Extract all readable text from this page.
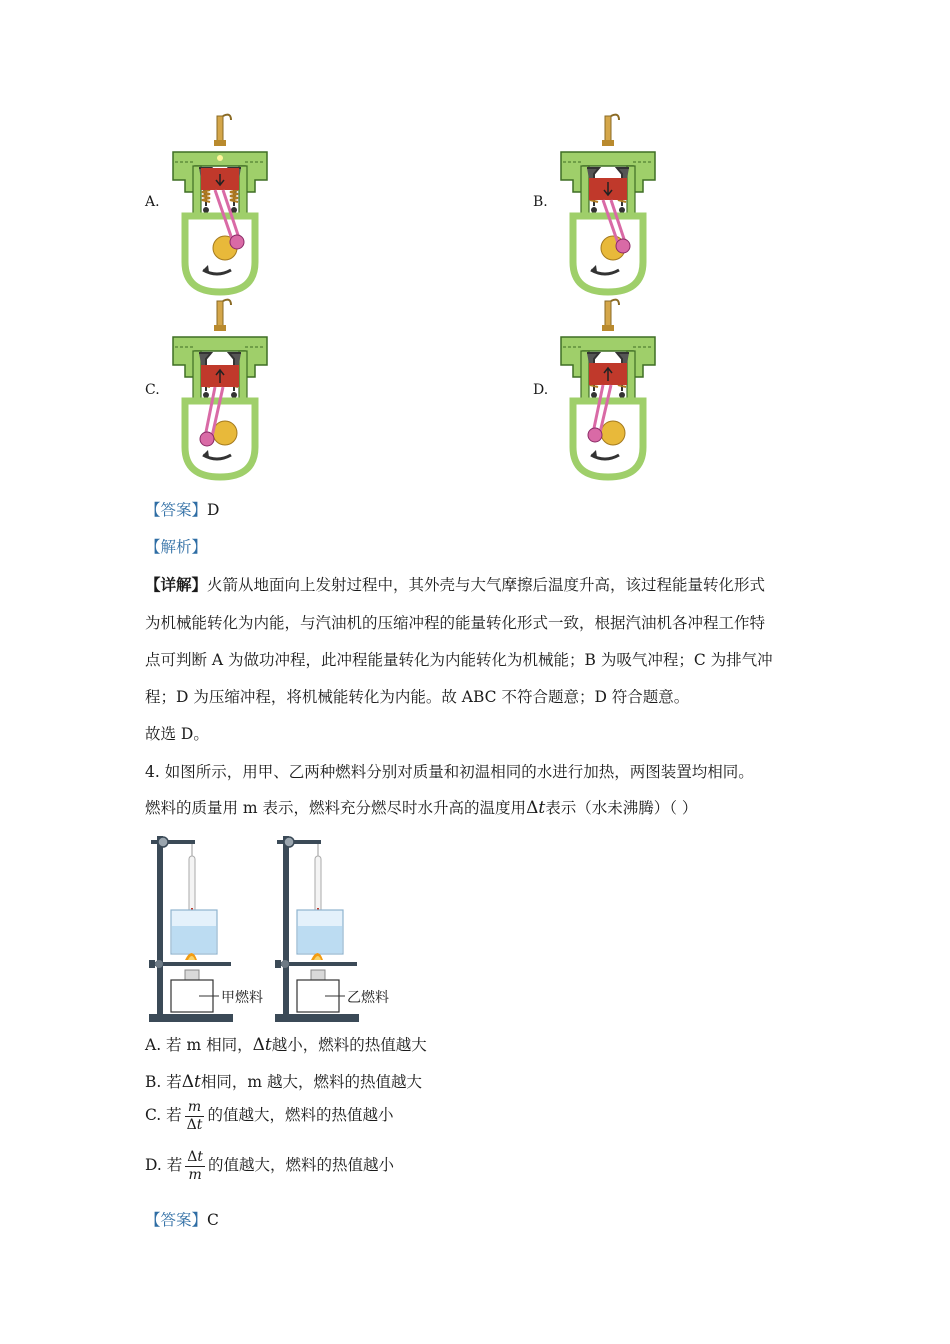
A.	B.
C.	D.
【答案】D
【解析】
【详解】火箭从地面向上发射过程中，其外壳与大气摩擦后温度升高，该过程能量转化形式
为机械能转化为内能，与汽油机的压缩冲程的能量转化形式一致，根据汽油机各冲程工作特
点可判断 A 为做功冲程，此冲程能量转化为内能转化为机械能；B 为吸气冲程；C 为排气冲
程；D 为压缩冲程，将机械能转化为内能。故 ABC 不符合题意；D 符合题意。
故选 D。
4. 如图所示，用甲、乙两种燃料分别对质量和初温相同的水进行加热，两图装置均相同。
燃料的质量用 m 表示，燃料充分燃尽时水升高的温度用Δt表示（水未沸腾）（ ）
甲燃料	乙燃料
A. 若 m 相同，Δt越小，燃料的热值越大
B. 若Δt相同，m 越大，燃料的热值越大
C. 若 $\frac{m}{\Delta t}$ 的值越大，燃料的热值越小
D. 若 $\frac{\Delta t}{m}$ 的值越大，燃料的热值越小
【答案】C
